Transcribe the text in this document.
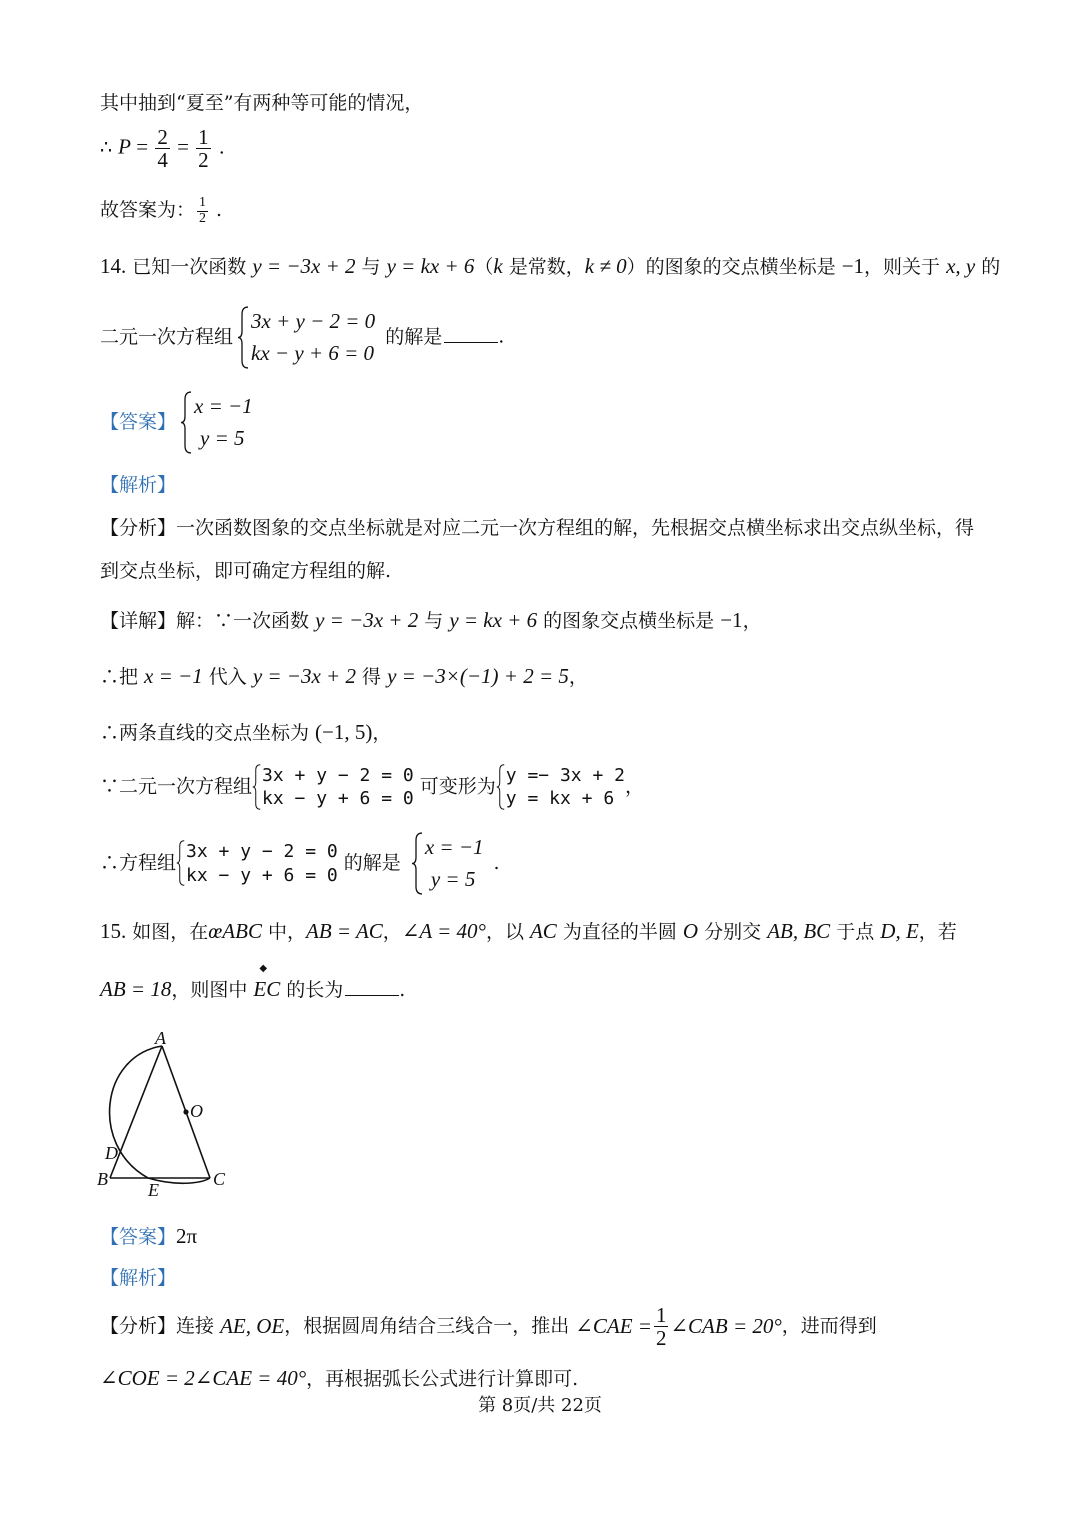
其中抽到“夏至”有两种等可能的情况，
∴ $P = \frac{2}{4} = \frac{1}{2}$ .
故答案为： $\frac{1}{2}$ .
14. 已知一次函数 y = −3x + 2 与 y = kx + 6（k 是常数，k ≠ 0）的图象的交点横坐标是 −1，则关于 x, y 的
二元一次方程组
3x + y − 2 = 0
kx − y + 6 = 0
的解是	.
【答案】
x = −1
y = 5
【解析】
【分析】一次函数图象的交点坐标就是对应二元一次方程组的解，先根据交点横坐标求出交点纵坐标，得
到交点坐标，即可确定方程组的解.
【详解】解：∵一次函数 y = −3x + 2 与 y = kx + 6 的图象交点横坐标是 −1，
∴把 x = −1 代入 y = −3x + 2 得 y = −3×(−1) + 2 = 5，
∴两条直线的交点坐标为 (−1, 5)，
∵二元一次方程组
3x + y − 2 = 0
kx − y + 6 = 0
可变形为
y =− 3x + 2
y = kx + 6
，
∴方程组
3x + y − 2 = 0
kx − y + 6 = 0
的解是
x = −1
y = 5
.
15. 如图，在œABC 中，AB = AC，∠A = 40°，以 AC 为直径的半圆 O 分别交 AB, BC 于点 D, E，若
AB = 18，则图中 ◆ EC 的长为	.
A
O
D
B
E
C
【答案】2π
【解析】
【分析】连接 AE, OE，根据圆周角结合三线合一，推出 ∠CAE = $\frac{1}{2}$ ∠CAB = 20°，进而得到
∠COE = 2∠CAE = 40°，再根据弧长公式进行计算即可.
第 8页/共 22页
